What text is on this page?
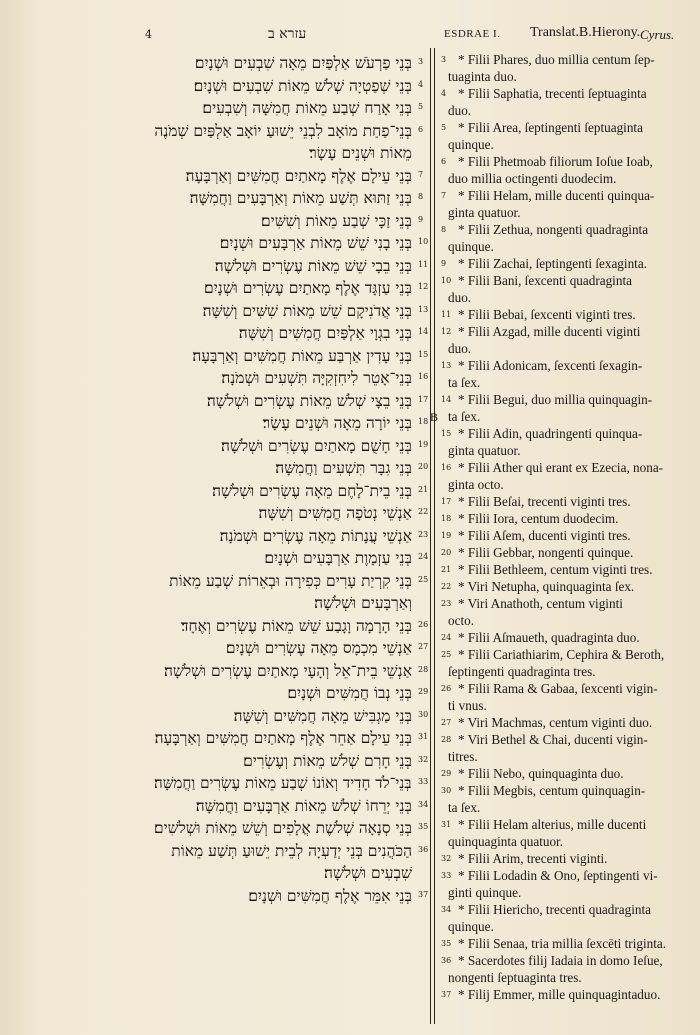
4	עזרא ב	ESDRAE I. Translat.B.Hierony. Cyrus.
בְּנֵי פַרְעֹשׁ אַלְפַּיִם מֵאָה שִׁבְעִים וּשְׁנָיִם׃ 3
בְּנֵי שְׁפַטְיָה שְׁלֹשׁ מֵאוֹת שִׁבְעִים וּשְׁנָיִם׃ 4
בְּנֵי אָרַח שְׁבַע מֵאוֹת חֲמִשָּׁה וְשִׁבְעִים׃ 5
בְּנֵי־פַחַת מוֹאָב לִבְנֵי יֵשׁוּעַ יוֹאָב אַלְפַּיִם שְׁמֹנֶה 6
מֵאוֹת וּשְׁנֵים עָשָׂר׃
בְּנֵי עֵילָם אֶלֶף מָאתַיִם חֲמִשִּׁים וְאַרְבָּעָה׃ 7
בְּנֵי זַתּוּא תְּשַׁע מֵאוֹת וְאַרְבָּעִים וַחֲמִשָּׁה׃ 8
בְּנֵי זַכָּי שְׁבַע מֵאוֹת וְשִׁשִּׁים׃ 9
בְּנֵי בָנִי שֵׁשׁ מֵאוֹת אַרְבָּעִים וּשְׁנָיִם׃ 10
בְּנֵי בֵבָי שֵׁשׁ מֵאוֹת עֶשְׂרִים וּשְׁלֹשָׁה׃ 11
בְּנֵי עַזְגָּד אֶלֶף מָאתַיִם עֶשְׂרִים וּשְׁנָיִם׃ 12
בְּנֵי אֲדֹנִיקָם שֵׁשׁ מֵאוֹת שִׁשִּׁים וְשִׁשָּׁה׃ 13
בְּנֵי בִגְוָי אַלְפַּיִם חֲמִשִּׁים וְשִׁשָּׁה׃ 14
בְּנֵי עָדִין אַרְבַּע מֵאוֹת חֲמִשִּׁים וְאַרְבָּעָה׃ 15
בְּנֵי־אָטֵר לִיחִזְקִיָּה תִּשְׁעִים וּשְׁמֹנָה׃ 16
בְּנֵי בֵצָי שְׁלֹשׁ מֵאוֹת עֶשְׂרִים וּשְׁלֹשָׁה׃ 17
בְּנֵי יוֹרָה מֵאָה וּשְׁנֵים עָשָׂר׃ 18
בְּנֵי חָשֻׁם מָאתַיִם עֶשְׂרִים וּשְׁלֹשָׁה׃ 19
בְּנֵי גִבָּר תִּשְׁעִים וַחֲמִשָּׁה׃ 20
בְּנֵי בֵית־לָחֶם מֵאָה עֶשְׂרִים וּשְׁלֹשָׁה׃ 21
אַנְשֵׁי נְטֹפָה חֲמִשִּׁים וְשִׁשָּׁה׃ 22
אַנְשֵׁי עֲנָתוֹת מֵאָה עֶשְׂרִים וּשְׁמֹנָה׃ 23
בְּנֵי עַזְמָוֶת אַרְבָּעִים וּשְׁנָיִם׃ 24
בְּנֵי קִרְיַת עָרִים כְּפִירָה וּבְאֵרוֹת שְׁבַע מֵאוֹת 25
וְאַרְבָּעִים וּשְׁלֹשָׁה׃
בְּנֵי הָרָמָה וָגָבַע שֵׁשׁ מֵאוֹת עֶשְׂרִים וְאֶחָד׃ 26
אַנְשֵׁי מִכְמָס מֵאָה עֶשְׂרִים וּשְׁנָיִם׃ 27
אַנְשֵׁי בֵית־אֵל וְהָעָי מָאתַיִם עֶשְׂרִים וּשְׁלֹשָׁה׃ 28
בְּנֵי נְבוֹ חֲמִשִּׁים וּשְׁנָיִם׃ 29
בְּנֵי מַגְבִּישׁ מֵאָה חֲמִשִּׁים וְשִׁשָּׁה׃ 30
בְּנֵי עֵילָם אַחֵר אֶלֶף מָאתַיִם חֲמִשִּׁים וְאַרְבָּעָה׃ 31
בְּנֵי חָרִם שְׁלֹשׁ מֵאוֹת וְעֶשְׂרִים׃ 32
בְּנֵי־לֹד חָדִיד וְאוֹנוֹ שְׁבַע מֵאוֹת עֶשְׂרִים וַחֲמִשָּׁה׃ 33
בְּנֵי יְרֵחוֹ שְׁלֹשׁ מֵאוֹת אַרְבָּעִים וַחֲמִשָּׁה׃ 34
בְּנֵי סְנָאָה שְׁלֹשֶׁת אֲלָפִים וְשֵׁשׁ מֵאוֹת וּשְׁלֹשִׁים׃ 35
הַכֹּהֲנִים בְּנֵי יְדַעְיָה לְבֵית יֵשׁוּעַ תְּשַׁע מֵאוֹת 36
שִׁבְעִים וּשְׁלֹשָׁה׃
בְּנֵי אִמֵּר אֶלֶף חֲמִשִּׁים וּשְׁנָיִם׃ 37
3 * Filii Phares, duo millia centum ſep-
tuaginta duo.
4 * Filii Saphatia, trecenti ſeptuaginta
duo.
5 * Filii Area, ſeptingenti ſeptuaginta
quinque.
6 * Filii Phetmoab filiorum Ioſue Ioab,
duo millia octingenti duodecim.
7 * Filii Helam, mille ducenti quinqua-
ginta quatuor.
8 * Filii Zethua, nongenti quadraginta
quinque.
9 * Filii Zachai, ſeptingenti ſexaginta.
10 * Filii Bani, ſexcenti quadraginta
duo.
11 * Filii Bebai, ſexcenti viginti tres.
12 * Filii Azgad, mille ducenti viginti
duo.
13 * Filii Adonicam, ſexcenti ſexagin-
ta ſex.
14 * Filii Begui, duo millia quinquagin-
B ta ſex.
15 * Filii Adin, quadringenti quinqua-
ginta quatuor.
16 * Filii Ather qui erant ex Ezecia, nona-
ginta octo.
17 * Filii Beſai, trecenti viginti tres.
18 * Filii Iora, centum duodecim.
19 * Filii Aſem, ducenti viginti tres.
20 * Filii Gebbar, nongenti quinque.
21 * Filii Bethleem, centum viginti tres.
22 * Viri Netupha, quinquaginta ſex.
23 * Viri Anathoth, centum viginti
octo.
24 * Filii Aſmaueth, quadraginta duo.
25 * Filii Cariathiarim, Cephira & Beroth,
ſeptingenti quadraginta tres.
26 * Filii Rama & Gabaa, ſexcenti vigin-
ti vnus.
27 * Viri Machmas, centum viginti duo.
28 * Viri Bethel & Chai, ducenti vigin-
titres.
29 * Filii Nebo, quinquaginta duo.
30 * Filii Megbis, centum quinquagin-
ta ſex.
31 * Filii Helam alterius, mille ducenti
quinquaginta quatuor.
32 * Filii Arim, trecenti viginti.
33 * Filii Lodadin & Ono, ſeptingenti vi-
ginti quinque.
34 * Filii Hiericho, trecenti quadraginta
quinque.
35 * Filii Senaa, tria millia ſexcēti triginta.
36 * Sacerdotes filij Iadaia in domo Ieſue,
nongenti ſeptuaginta tres.
37 * Filij Emmer, mille quinquagintaduo.
